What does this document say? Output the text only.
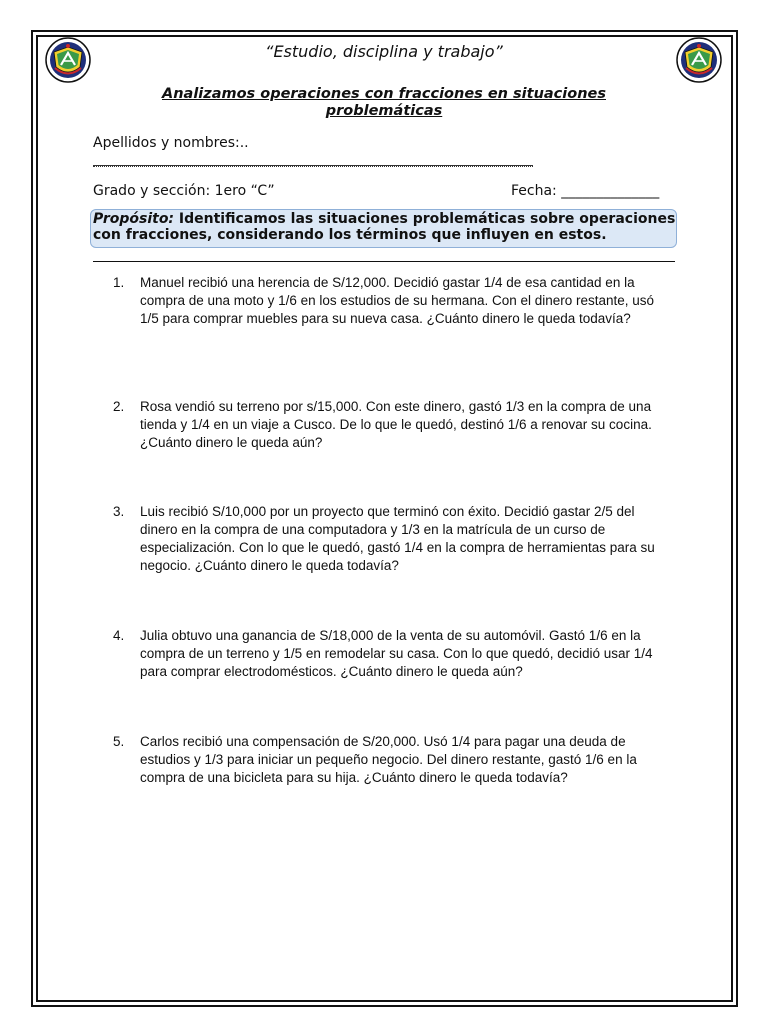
“Estudio, disciplina y trabajo”
Analizamos operaciones con fracciones en situaciones problemáticas
Apellidos y nombres:..
Grado y sección: 1ero “C”	Fecha: ______________
Propósito: Identificamos las situaciones problemáticas sobre operaciones con fracciones, considerando los términos que influyen en estos.
1.	Manuel recibió una herencia de S/12,000. Decidió gastar 1/4 de esa cantidad en la compra de una moto y 1/6 en los estudios de su hermana. Con el dinero restante, usó 1/5 para comprar muebles para su nueva casa. ¿Cuánto dinero le queda todavía?
2.	Rosa vendió su terreno por s/15,000. Con este dinero, gastó 1/3 en la compra de una tienda y 1/4 en un viaje a Cusco. De lo que le quedó, destinó 1/6 a renovar su cocina. ¿Cuánto dinero le queda aún?
3.	Luis recibió S/10,000 por un proyecto que terminó con éxito. Decidió gastar 2/5 del dinero en la compra de una computadora y 1/3 en la matrícula de un curso de especialización. Con lo que le quedó, gastó 1/4 en la compra de herramientas para su negocio. ¿Cuánto dinero le queda todavía?
4.	Julia obtuvo una ganancia de S/18,000 de la venta de su automóvil. Gastó 1/6 en la compra de un terreno y 1/5 en remodelar su casa. Con lo que quedó, decidió usar 1/4 para comprar electrodomésticos. ¿Cuánto dinero le queda aún?
5.	Carlos recibió una compensación de S/20,000. Usó 1/4 para pagar una deuda de estudios y 1/3 para iniciar un pequeño negocio. Del dinero restante, gastó 1/6 en la compra de una bicicleta para su hija. ¿Cuánto dinero le queda todavía?
